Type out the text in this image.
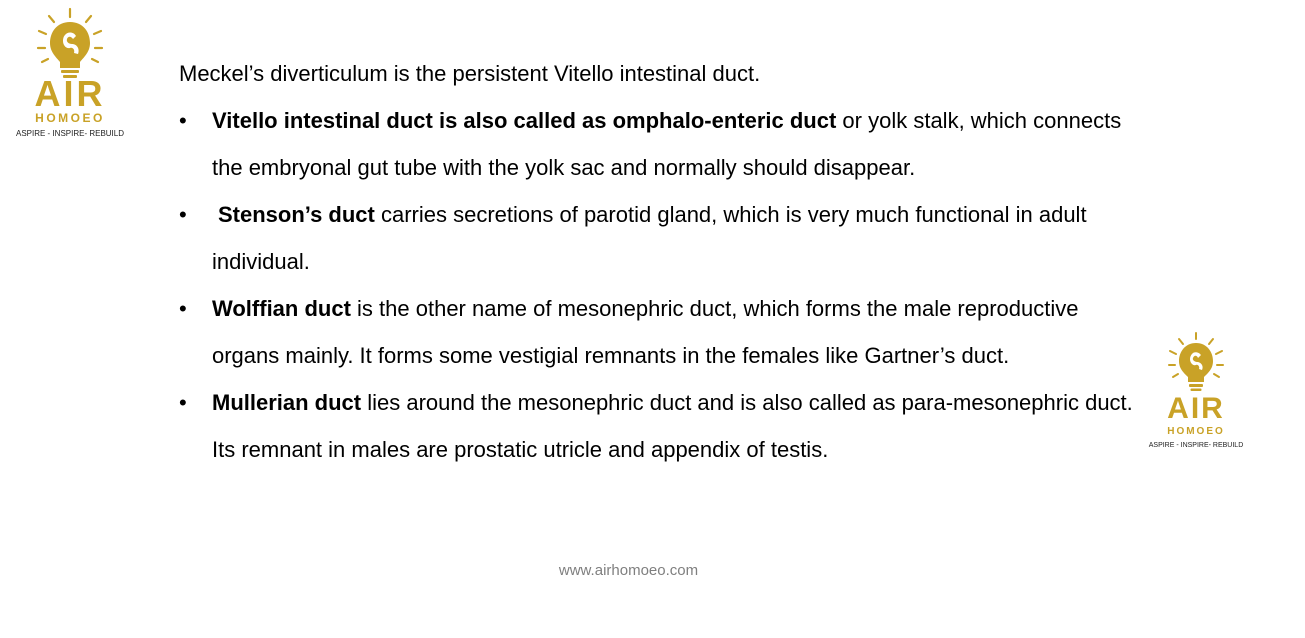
AIR
HOMOEO
ASPIRE - INSPIRE- REBUILD
AIR
HOMOEO
ASPIRE - INSPIRE- REBUILD

Meckel’s diverticulum is the persistent Vitello intestinal duct.

• Vitello intestinal duct is also called as omphalo-enteric duct or yolk stalk, which connects the embryonal gut tube with the yolk sac and normally should disappear.
• Stenson’s duct carries secretions of parotid gland, which is very much functional in adult individual.
• Wolffian duct is the other name of mesonephric duct, which forms the male reproductive organs mainly. It forms some vestigial remnants in the females like Gartner’s duct.
• Mullerian duct lies around the mesonephric duct and is also called as para-mesonephric duct. Its remnant in males are prostatic utricle and appendix of testis.
www.airhomoeo.com
